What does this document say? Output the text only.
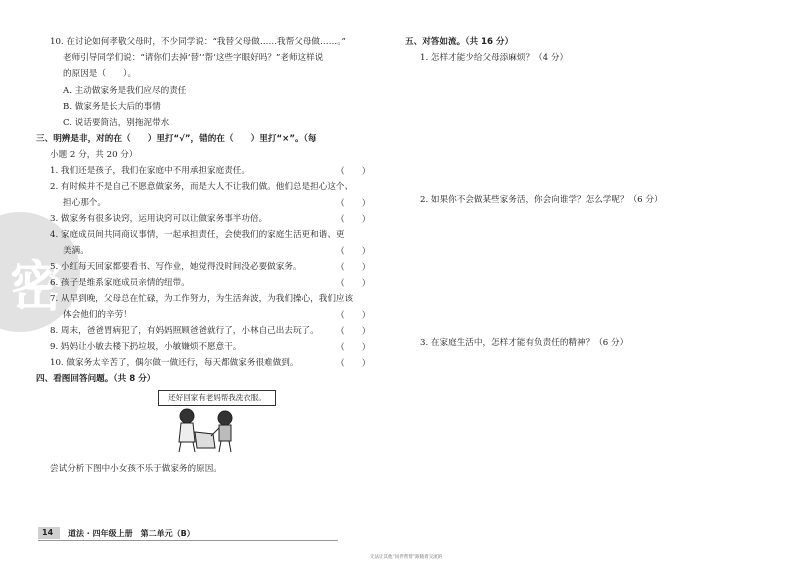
密
10. 在讨论如何孝敬父母时，不少同学说：“我替父母做……我帮父母做……。”
老师引导同学们说：“请你们去掉‘替’‘帮’这些字眼好吗？”老师这样说
的原因是（　　）。
A. 主动做家务是我们应尽的责任
B. 做家务是长大后的事情
C. 说话要简洁，别拖泥带水
三、明辨是非，对的在（　　）里打“√”，错的在（　　）里打“×”。（每
小题 2 分，共 20 分）
1. 我们还是孩子，我们在家庭中不用承担家庭责任。	（　　）
2. 有时候并不是自己不愿意做家务，而是大人不让我们做。他们总是担心这个、
担心那个。	（　　）
3. 做家务有很多诀窍，运用诀窍可以让做家务事半功倍。	（　　）
4. 家庭成员间共同商议事情，一起承担责任，会使我们的家庭生活更和谐、更
美满。	（　　）
5. 小红每天回家都要看书、写作业，她觉得没时间没必要做家务。	（　　）
6. 孩子是维系家庭成员亲情的纽带。	（　　）
7. 从早到晚，父母总在忙碌，为工作努力，为生活奔波，为我们操心，我们应该
体会他们的辛劳！	（　　）
8. 周末，爸爸胃病犯了，有妈妈照顾爸爸就行了，小林自己出去玩了。 （　　）
9. 妈妈让小敏去楼下扔垃圾，小敏嫌烦不愿意干。	（　　）
10. 做家务太辛苦了，偶尔做一做还行，每天都做家务很难做到。	（　　）
四、看图回答问题。（共 8 分）
还好回家有老妈帮我洗衣服。
尝试分析下图中小女孩不乐于做家务的原因。
五、对答如流。（共 16 分）
1. 怎样才能少给父母添麻烦？（4 分）
2. 如果你不会做某些家务活，你会向谁学？怎么学呢？（6 分）
3. 在家庭生活中，怎样才能有负责任的精神？（6 分）
14 道法 · 四年级上册　第二单元（B）
无法让其他“同伴帮帮”跟随着交流的
